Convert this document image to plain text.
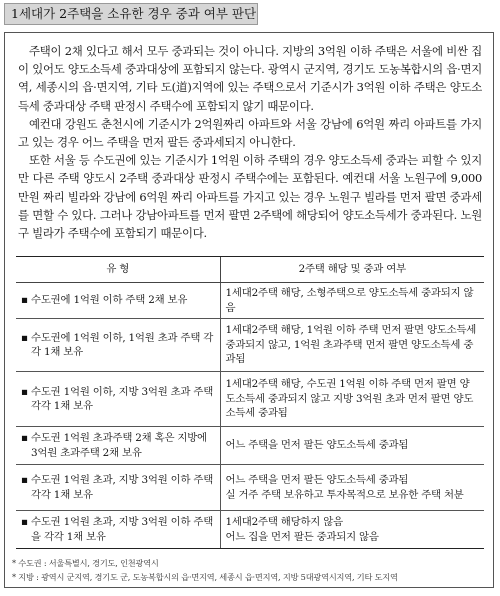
1세대가 2주택을 소유한 경우 중과 여부 판단

주택이 2채 있다고 해서 모두 중과되는 것이 아니다. 지방의 3억원 이하 주택은 서울에 비싼 집이 있어도 양도소득세 중과대상에 포함되지 않는다. 광역시 군지역, 경기도 도농복합시의 읍·면지역, 세종시의 읍·면지역, 기타 도(道)지역에 있는 주택으로서 기준시가 3억원 이하 주택은 양도소득세 중과대상 주택 판정시 주택수에 포함되지 않기 때문이다.

예컨대 강원도 춘천시에 기준시가 2억원짜리 아파트와 서울 강남에 6억원 짜리 아파트를 가지고 있는 경우 어느 주택을 먼저 팔든 중과세되지 아니한다.

또한 서울 등 수도권에 있는 기준시가 1억원 이하 주택의 경우 양도소득세 중과는 피할 수 있지만 다른 주택 양도시 2주택 중과대상 판정시 주택수에는 포함된다. 예컨대 서울 노원구에 9,000만원 짜리 빌라와 강남에 6억원 짜리 아파트를 가지고 있는 경우 노원구 빌라를 먼저 팔면 중과세를 면할 수 있다. 그러나 강남아파트를 먼저 팔면 2주택에 해당되어 양도소득세가 중과된다. 노원구 빌라가 주택수에 포함되기 때문이다.

유 형	2주택 해당 및 중과 여부

▪ 수도권에 1억원 이하 주택 2채 보유	1세대2주택 해당, 소형주택으로 양도소득세 중과되지 않음

▪ 수도권에 1억원 이하, 1억원 초과 주택 각각 1채 보유	1세대2주택 해당, 1억원 이하 주택 먼저 팔면 양도소득세 중과되지 않고, 1억원 초과주택 먼저 팔면 양도소득세 중과됨

▪ 수도권 1억원 이하, 지방 3억원 초과 주택 각각 1채 보유	1세대2주택 해당, 수도권 1억원 이하 주택 먼저 팔면 양도소득세 중과되지 않고 지방 3억원 초과 먼저 팔면 양도소득세 중과됨

▪ 수도권 1억원 초과주택 2채 혹은 지방에 3억원 초과주택 2채 보유	어느 주택을 먼저 팔든 양도소득세 중과됨

▪ 수도권 1억원 초과, 지방 3억원 이하 주택 각각 1채 보유	어느 주택을 먼저 팔든 양도소득세 중과됨
실 거주 주택 보유하고 투자목적으로 보유한 주택 처분

▪ 수도권 1억원 초과, 지방 3억원 이하 주택을 각각 1채 보유	1세대2주택 해당하지 않음
어느 집을 먼저 팔든 중과되지 않음
* 수도권 : 서울특별시, 경기도, 인천광역시
* 지방 : 광역시 군지역, 경기도 군, 도농복합시의 읍·면지역, 세종시 읍·면지역, 지방 5대광역시지역, 기타 도지역
